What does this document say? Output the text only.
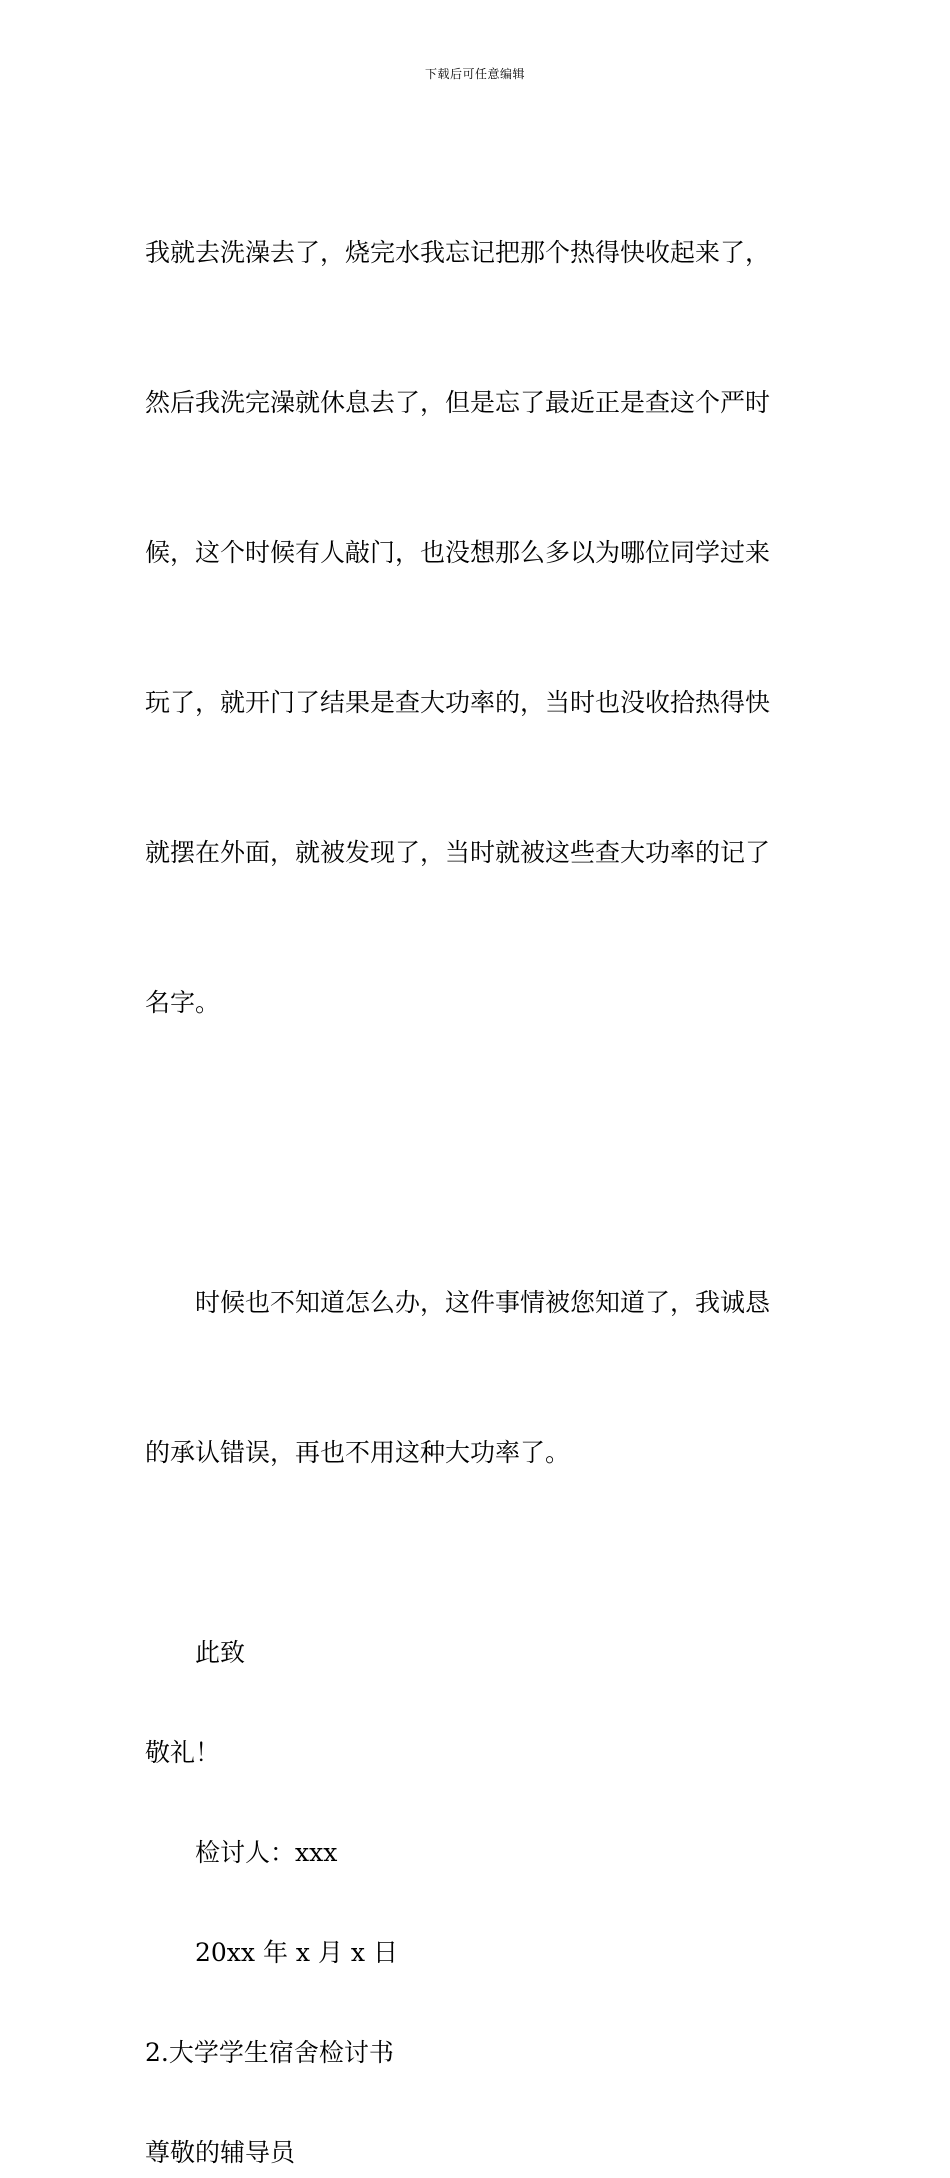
下载后可任意编辑

我就去洗澡去了，烧完水我忘记把那个热得快收起来了，

然后我洗完澡就休息去了，但是忘了最近正是查这个严时

候，这个时候有人敲门，也没想那么多以为哪位同学过来

玩了，就开门了结果是查大功率的，当时也没收拾热得快

就摆在外面，就被发现了，当时就被这些查大功率的记了

名字。

时候也不知道怎么办，这件事情被您知道了，我诚恳

的承认错误，再也不用这种大功率了。

此致

敬礼！

检讨人：xxx

20xx 年 x 月 x 日

2.大学学生宿舍检讨书

尊敬的辅导员
